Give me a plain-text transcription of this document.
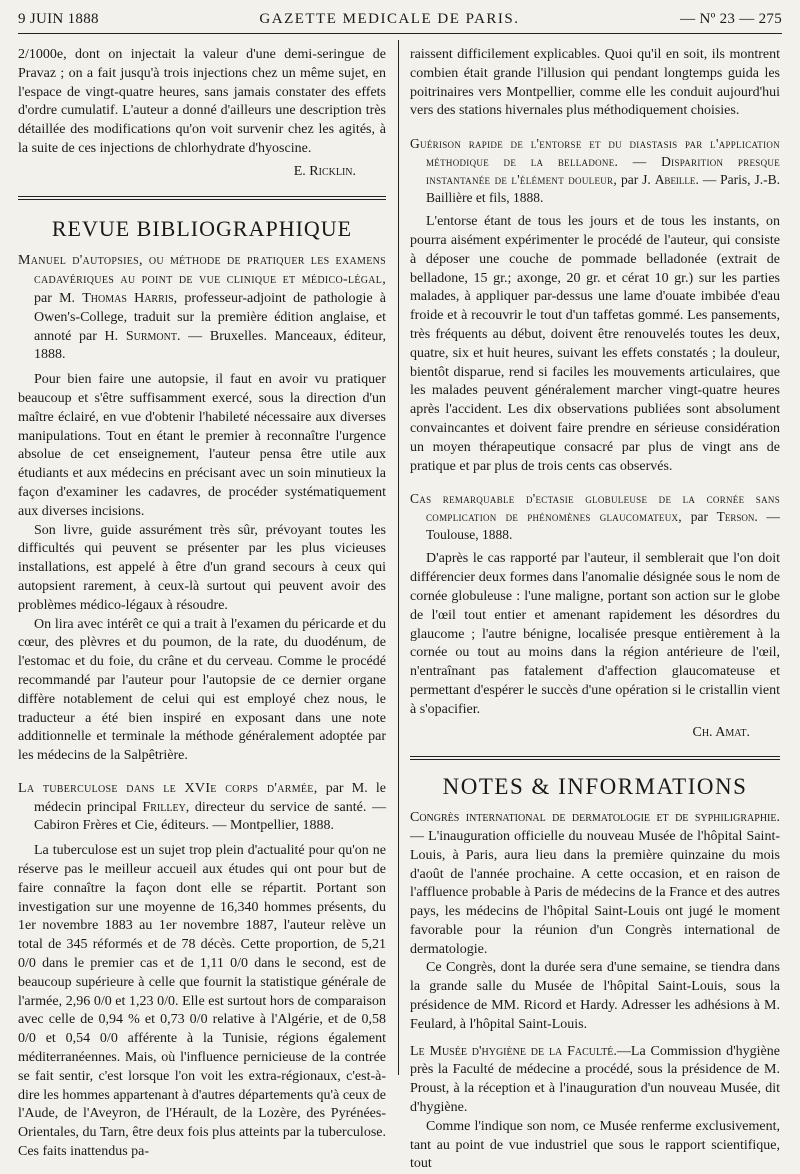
9 JUIN 1888	GAZETTE MEDICALE DE PARIS.	— Nº 23 — 275

2/1000e, dont on injectait la valeur d'une demi-seringue de Pravaz ; on a fait jusqu'à trois injections chez un même sujet, en l'espace de vingt-quatre heures, sans jamais constater des effets d'ordre cumulatif. L'auteur a donné d'ailleurs une description très détaillée des modifications qu'on voit survenir chez les agités, à la suite de ces injections de chlorhydrate d'hyoscine.

E. Ricklin.
REVUE BIBLIOGRAPHIQUE
Manuel d'autopsies, ou méthode de pratiquer les examens cadavériques au point de vue clinique et médico-légal, par M. Thomas Harris, professeur-adjoint de pathologie à Owen's-College, traduit sur la première édition anglaise, et annoté par H. Surmont. — Bruxelles. Manceaux, éditeur, 1888.

Pour bien faire une autopsie, il faut en avoir vu pratiquer beaucoup et s'être suffisamment exercé, sous la direction d'un maître éclairé, en vue d'obtenir l'habileté nécessaire aux diverses manipulations. Tout en étant le premier à reconnaître l'urgence absolue de cet enseignement, l'auteur pensa être utile aux étudiants et aux médecins en précisant avec un soin minutieux la façon d'examiner les cadavres, de procéder systématiquement aux diverses incisions.

Son livre, guide assurément très sûr, prévoyant toutes les difficultés qui peuvent se présenter par les plus vicieuses installations, est appelé à être d'un grand secours à ceux qui autopsient rarement, à ceux-là surtout qui peuvent avoir des problèmes médico-légaux à résoudre.

On lira avec intérêt ce qui a trait à l'examen du péricarde et du cœur, des plèvres et du poumon, de la rate, du duodénum, de l'estomac et du foie, du crâne et du cerveau. Comme le procédé recommandé par l'auteur pour l'autopsie de ce dernier organe diffère notablement de celui qui est employé chez nous, le traducteur a été bien inspiré en exposant dans une note additionnelle et terminale la méthode généralement adoptée par les médecins de la Salpêtrière.

La tuberculose dans le XVIe corps d'armée, par M. le médecin principal Frilley, directeur du service de santé. — Cabiron Frères et Cie, éditeurs. — Montpellier, 1888.

La tuberculose est un sujet trop plein d'actualité pour qu'on ne réserve pas le meilleur accueil aux études qui ont pour but de faire connaître la façon dont elle se répartit. Portant son investigation sur une moyenne de 16,340 hommes présents, du 1er novembre 1883 au 1er novembre 1887, l'auteur relève un total de 345 réformés et de 78 décès. Cette proportion, de 5,21 0/0 dans le premier cas et de 1,11 0/0 dans le second, est de beaucoup supérieure à celle que fournit la statistique générale de l'armée, 2,96 0/0 et 1,23 0/0. Elle est surtout hors de comparaison avec celle de 0,94 % et 0,73 0/0 relative à l'Algérie, et de 0,58 0/0 et 0,54 0/0 afférente à la Tunisie, régions également méditerranéennes. Mais, où l'influence pernicieuse de la contrée se fait sentir, c'est lorsque l'on voit les extra-régionaux, c'est-à-dire les hommes appartenant à d'autres départements qu'à ceux de l'Aude, de l'Aveyron, de l'Hérault, de la Lozère, des Pyrénées-Orientales, du Tarn, être deux fois plus atteints par la tuberculose. Ces faits inattendus pa-

raissent difficilement explicables. Quoi qu'il en soit, ils montrent combien était grande l'illusion qui pendant longtemps guida les poitrinaires vers Montpellier, comme elle les conduit aujourd'hui vers des stations hivernales plus méthodiquement choisies.

Guérison rapide de l'entorse et du diastasis par l'application méthodique de la belladone. — Disparition presque instantanée de l'élément douleur, par J. Abeille. — Paris, J.-B. Baillière et fils, 1888.

L'entorse étant de tous les jours et de tous les instants, on pourra aisément expérimenter le procédé de l'auteur, qui consiste à déposer une couche de pommade belladonée (extrait de belladone, 15 gr.; axonge, 20 gr. et cérat 10 gr.) sur les parties malades, à appliquer par-dessus une lame d'ouate imbibée d'eau froide et à recouvrir le tout d'un taffetas gommé. Les pansements, très fréquents au début, doivent être renouvelés toutes les deux, quatre, six et huit heures, suivant les effets constatés ; la douleur, bientôt disparue, rend si faciles les mouvements articulaires, que les malades peuvent généralement marcher vingt-quatre heures après l'accident. Les dix observations publiées sont absolument convaincantes et doivent faire prendre en sérieuse considération un moyen thérapeutique consacré par plus de vingt ans de pratique et par plus de trois cents cas observés.

Cas remarquable d'ectasie globuleuse de la cornée sans complication de phénomènes glaucomateux, par Terson. — Toulouse, 1888.

D'après le cas rapporté par l'auteur, il semblerait que l'on doit différencier deux formes dans l'anomalie désignée sous le nom de cornée globuleuse : l'une maligne, portant son action sur le globe de l'œil tout entier et amenant rapidement les désordres du glaucome ; l'autre bénigne, localisée presque entièrement à la cornée ou tout au moins dans la région antérieure de l'œil, n'entraînant pas fatalement d'affection glaucomateuse et permettant d'espérer le succès d'une opération si le cristallin vient à s'opacifier.

Ch. Amat.
NOTES & INFORMATIONS

Congrès international de dermatologie et de syphiligraphie. — L'inauguration officielle du nouveau Musée de l'hôpital Saint-Louis, à Paris, aura lieu dans la première quinzaine du mois d'août de l'année prochaine. A cette occasion, et en raison de l'affluence probable à Paris de médecins de la France et des autres pays, les médecins de l'hôpital Saint-Louis ont jugé le moment favorable pour la réunion d'un Congrès international de dermatologie.

Ce Congrès, dont la durée sera d'une semaine, se tiendra dans la grande salle du Musée de l'hôpital Saint-Louis, sous la présidence de MM. Ricord et Hardy. Adresser les adhésions à M. Feulard, à l'hôpital Saint-Louis.

Le Musée d'hygiène de la Faculté.—La Commission d'hygiène près la Faculté de médecine a procédé, sous la présidence de M. Proust, à la réception et à l'inauguration d'un nouveau Musée, dit d'hygiène.

Comme l'indique son nom, ce Musée renferme exclusivement, tant au point de vue industriel que sous le rapport scientifique, tout
